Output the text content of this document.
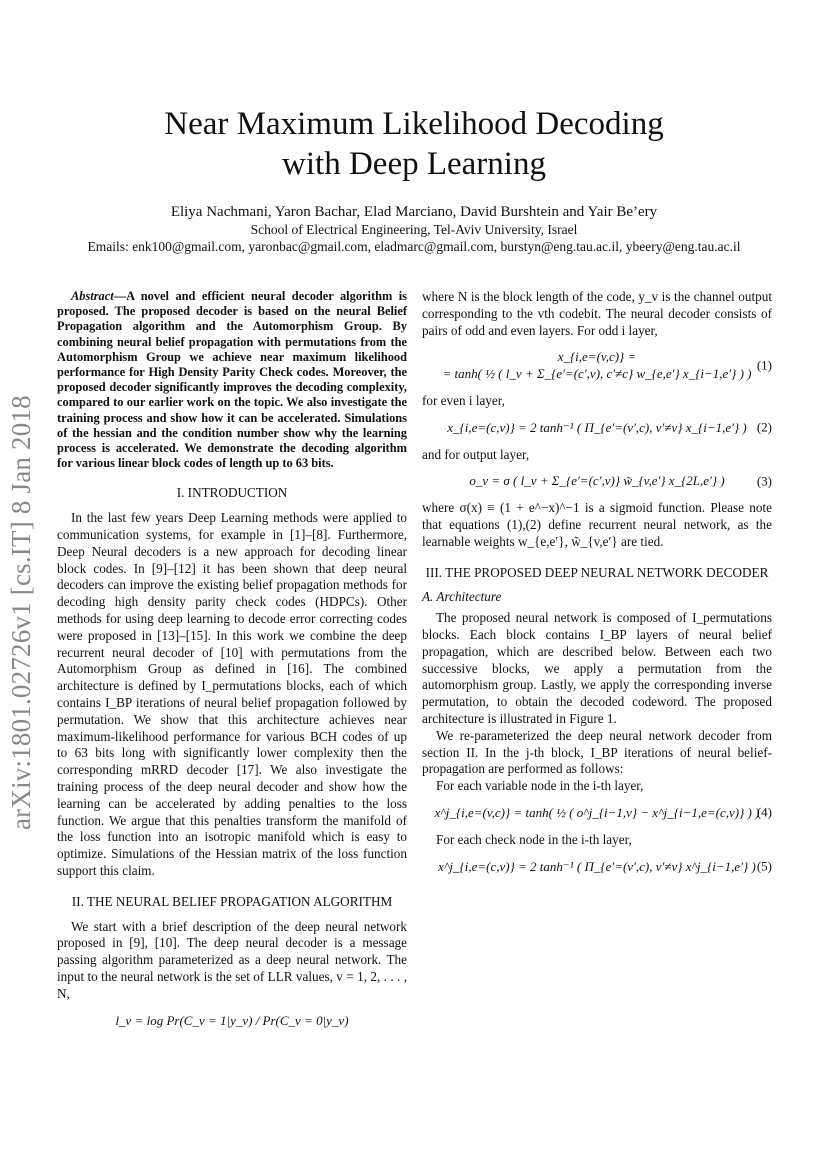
Near Maximum Likelihood Decoding
with Deep Learning
Eliya Nachmani, Yaron Bachar, Elad Marciano, David Burshtein and Yair Be’ery
School of Electrical Engineering, Tel-Aviv University, Israel
Emails: enk100@gmail.com, yaronbac@gmail.com, eladmarc@gmail.com, burstyn@eng.tau.ac.il, ybeery@eng.tau.ac.il
arXiv:1801.02726v1 [cs.IT] 8 Jan 2018

Abstract—A novel and efficient neural decoder algorithm is proposed. The proposed decoder is based on the neural Belief Propagation algorithm and the Automorphism Group. By combining neural belief propagation with permutations from the Automorphism Group we achieve near maximum likelihood performance for High Density Parity Check codes. Moreover, the proposed decoder significantly improves the decoding complexity, compared to our earlier work on the topic. We also investigate the training process and show how it can be accelerated. Simulations of the hessian and the condition number show why the learning process is accelerated. We demonstrate the decoding algorithm for various linear block codes of length up to 63 bits.

I. INTRODUCTION

In the last few years Deep Learning methods were applied to communication systems, for example in [1]–[8]. Furthermore, Deep Neural decoders is a new approach for decoding linear block codes. In [9]–[12] it has been shown that deep neural decoders can improve the existing belief propagation methods for decoding high density parity check codes (HDPCs). Other methods for using deep learning to decode error correcting codes were proposed in [13]–[15]. In this work we combine the deep recurrent neural decoder of [10] with permutations from the Automorphism Group as defined in [16]. The combined architecture is defined by I_permutations blocks, each of which contains I_BP iterations of neural belief propagation followed by permutation. We show that this architecture achieves near maximum-likelihood performance for various BCH codes of up to 63 bits long with significantly lower complexity then the corresponding mRRD decoder [17]. We also investigate the training process of the deep neural decoder and show how the learning can be accelerated by adding penalties to the loss function. We argue that this penalties transform the manifold of the loss function into an isotropic manifold which is easy to optimize. Simulations of the Hessian matrix of the loss function support this claim.

II. THE NEURAL BELIEF PROPAGATION ALGORITHM

We start with a brief description of the deep neural network proposed in [9], [10]. The deep neural decoder is a message passing algorithm parameterized as a deep neural network. The input to the neural network is the set of LLR values, v = 1, 2, . . . , N,

l_v = log Pr(C_v = 1|y_v) / Pr(C_v = 0|y_v)

where N is the block length of the code, y_v is the channel output corresponding to the vth codebit. The neural decoder consists of pairs of odd and even layers. For odd i layer,

x_{i,e=(v,c)} =
= tanh( ½ ( l_v + Σ_{e′=(c′,v), c′≠c} w_{e,e′} x_{i−1,e′} ) )
(1)

for even i layer,

x_{i,e=(c,v)} = 2 tanh⁻¹ ( Π_{e′=(v′,c), v′≠v} x_{i−1,e′} ) (2)

and for output layer,

o_v = σ ( l_v + Σ_{e′=(c′,v)} w̃_{v,e′} x_{2L,e′} ) (3)

where σ(x) ≡ (1 + e^−x)^−1 is a sigmoid function. Please note that equations (1),(2) define recurrent neural network, as the learnable weights w_{e,e′}, w̃_{v,e′} are tied.

III. THE PROPOSED DEEP NEURAL NETWORK DECODER
A. Architecture

The proposed neural network is composed of I_permutations blocks. Each block contains I_BP layers of neural belief propagation, which are described below. Between each two successive blocks, we apply a permutation from the automorphism group. Lastly, we apply the corresponding inverse permutation, to obtain the decoded codeword. The proposed architecture is illustrated in Figure 1.

We re-parameterized the deep neural network decoder from section II. In the j-th block, I_BP iterations of neural belief-propagation are performed as follows:

For each variable node in the i-th layer,

x^j_{i,e=(v,c)} = tanh( ½ ( o^j_{i−1,v} − x^j_{i−1,e=(c,v)} ) )
(4)

For each check node in the i-th layer,

x^j_{i,e=(c,v)} = 2 tanh⁻¹ ( Π_{e′=(v′,c), v′≠v} x^j_{i−1,e′} ) (5)
